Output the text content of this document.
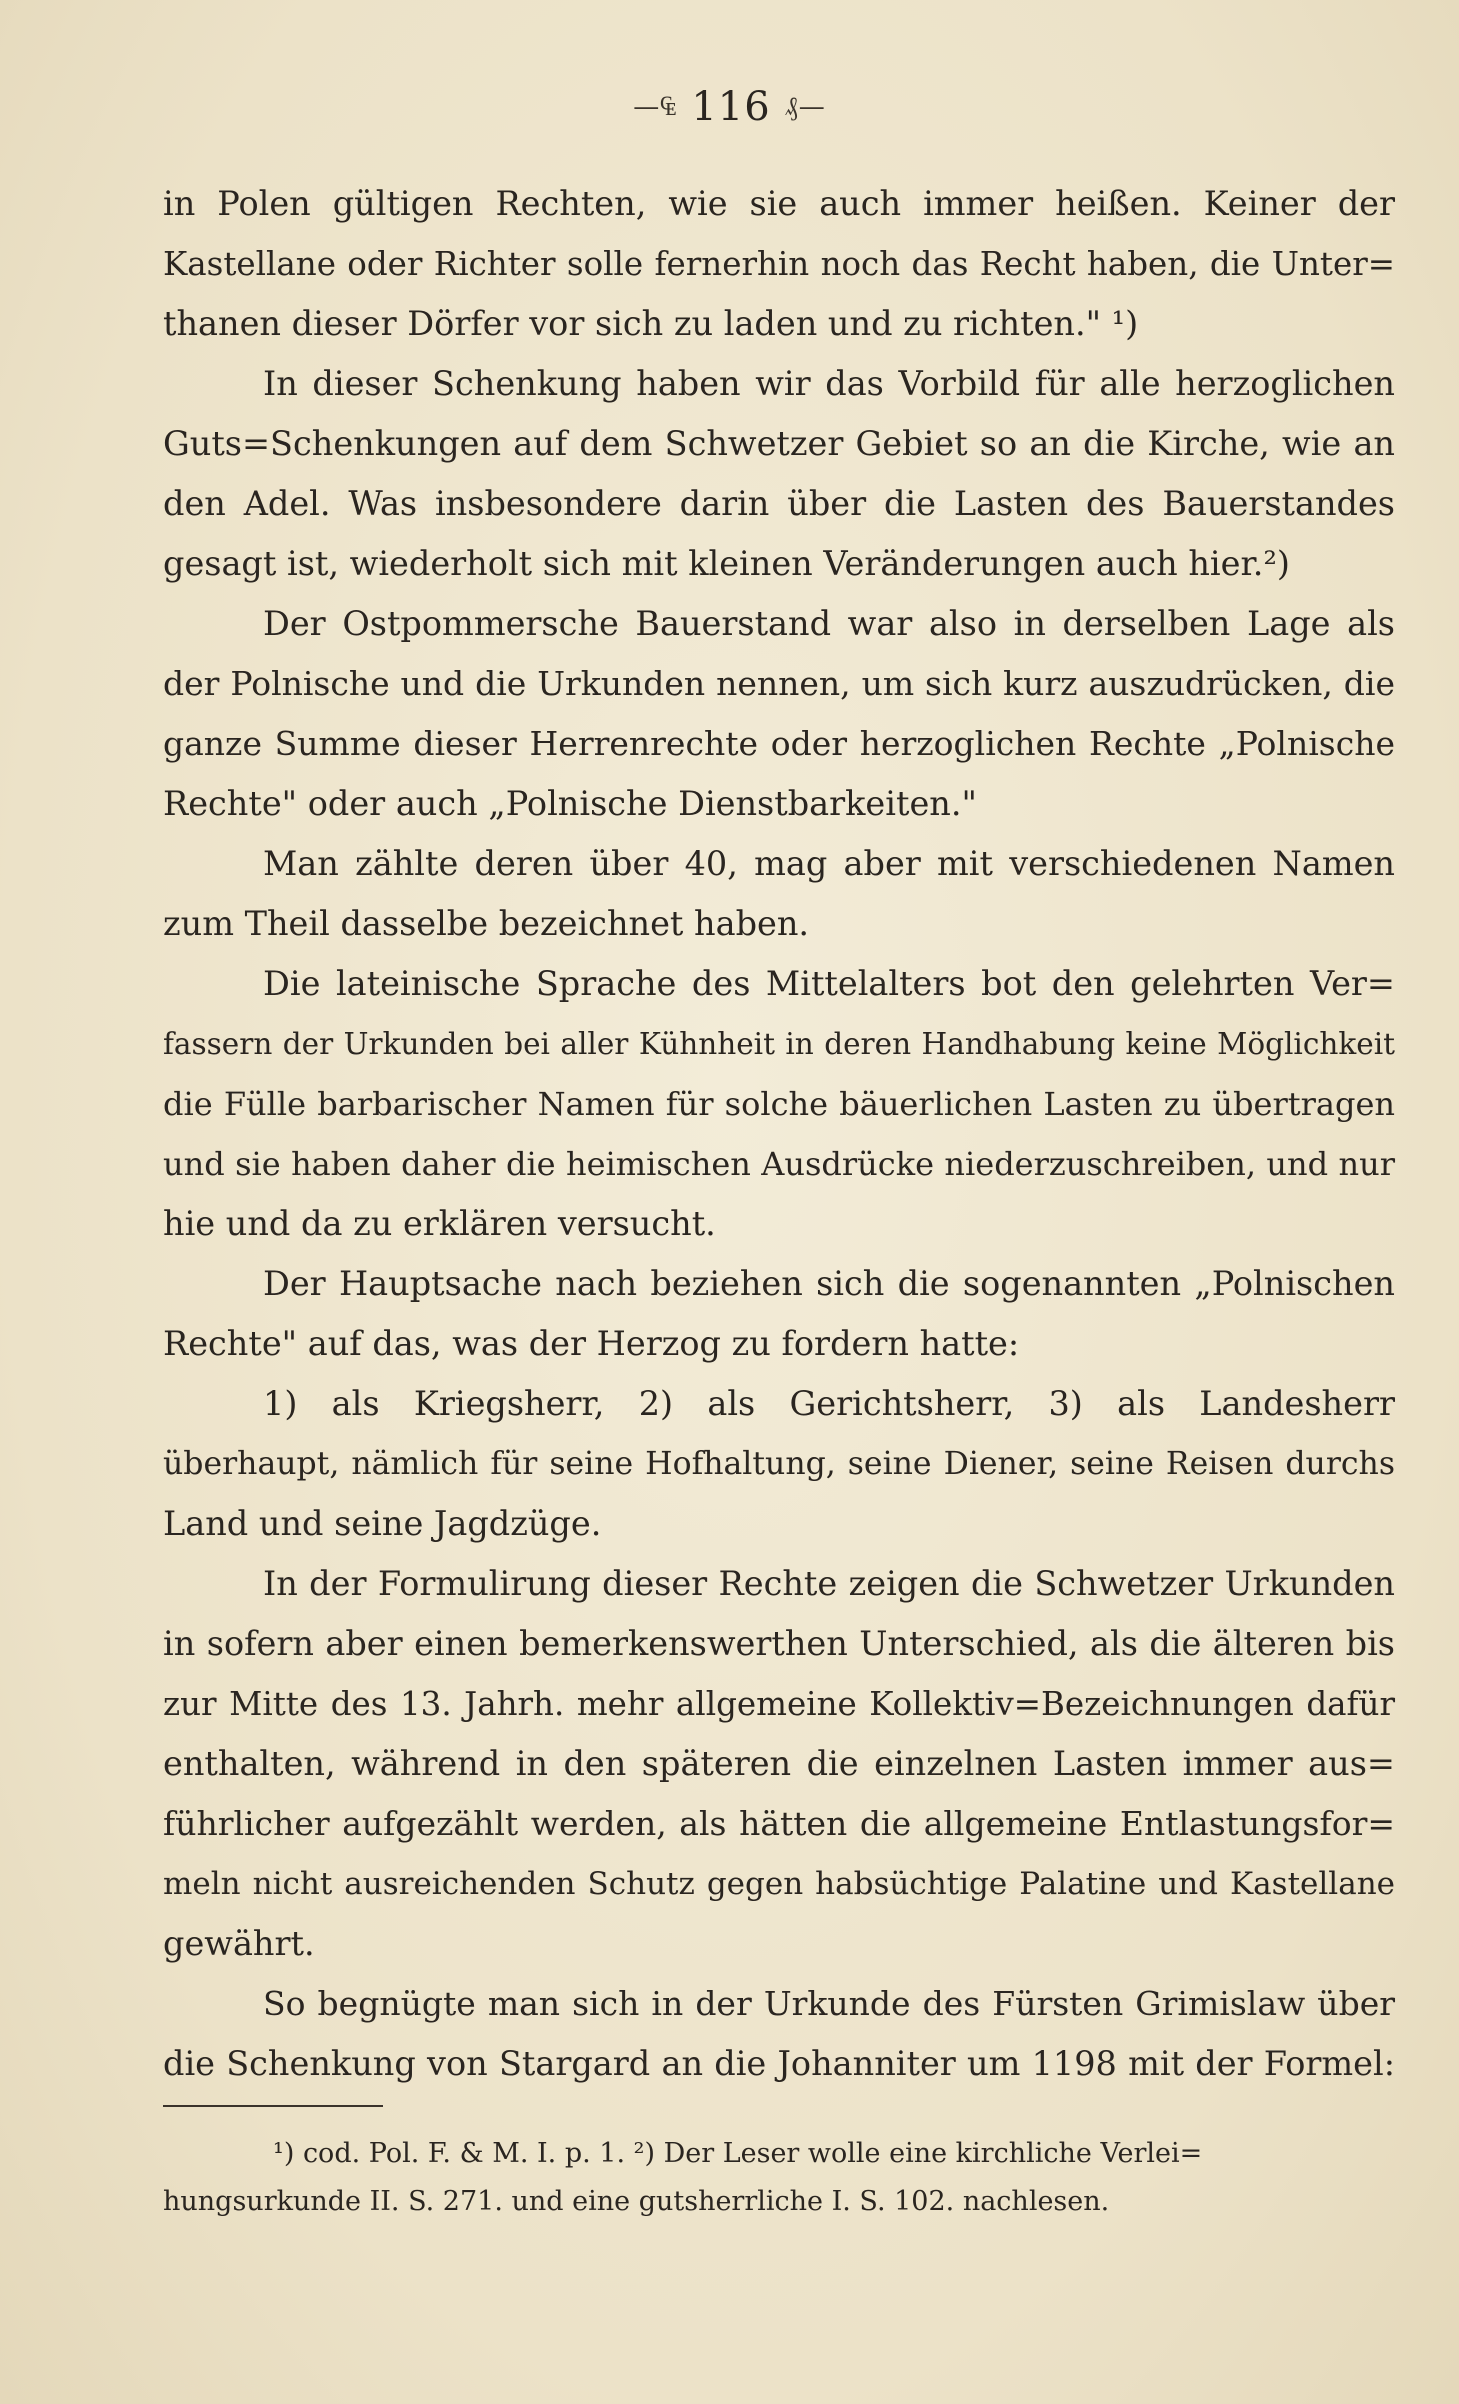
—₠ 116 ₰—
in Polen gültigen Rechten, wie sie auch immer heißen. Keiner der
Kastellane oder Richter solle fernerhin noch das Recht haben, die Unter=
thanen dieser Dörfer vor sich zu laden und zu richten." ¹)
In dieser Schenkung haben wir das Vorbild für alle herzoglichen
Guts=Schenkungen auf dem Schwetzer Gebiet so an die Kirche, wie an
den Adel. Was insbesondere darin über die Lasten des Bauerstandes
gesagt ist, wiederholt sich mit kleinen Veränderungen auch hier.²)
Der Ostpommersche Bauerstand war also in derselben Lage als
der Polnische und die Urkunden nennen, um sich kurz auszudrücken, die
ganze Summe dieser Herrenrechte oder herzoglichen Rechte „Polnische
Rechte" oder auch „Polnische Dienstbarkeiten."
Man zählte deren über 40, mag aber mit verschiedenen Namen
zum Theil dasselbe bezeichnet haben.
Die lateinische Sprache des Mittelalters bot den gelehrten Ver=
fassern der Urkunden bei aller Kühnheit in deren Handhabung keine Möglichkeit
die Fülle barbarischer Namen für solche bäuerlichen Lasten zu übertragen
und sie haben daher die heimischen Ausdrücke niederzuschreiben, und nur
hie und da zu erklären versucht.
Der Hauptsache nach beziehen sich die sogenannten „Polnischen
Rechte" auf das, was der Herzog zu fordern hatte:
1) als Kriegsherr, 2) als Gerichtsherr, 3) als Landesherr
überhaupt, nämlich für seine Hofhaltung, seine Diener, seine Reisen durchs
Land und seine Jagdzüge.
In der Formulirung dieser Rechte zeigen die Schwetzer Urkunden
in sofern aber einen bemerkenswerthen Unterschied, als die älteren bis
zur Mitte des 13. Jahrh. mehr allgemeine Kollektiv=Bezeichnungen dafür
enthalten, während in den späteren die einzelnen Lasten immer aus=
führlicher aufgezählt werden, als hätten die allgemeine Entlastungsfor=
meln nicht ausreichenden Schutz gegen habsüchtige Palatine und Kastellane
gewährt.
So begnügte man sich in der Urkunde des Fürsten Grimislaw über
die Schenkung von Stargard an die Johanniter um 1198 mit der Formel:
¹) cod. Pol. F. & M. I. p. 1. ²) Der Leser wolle eine kirchliche Verlei=
hungsurkunde II. S. 271. und eine gutsherrliche I. S. 102. nachlesen.
